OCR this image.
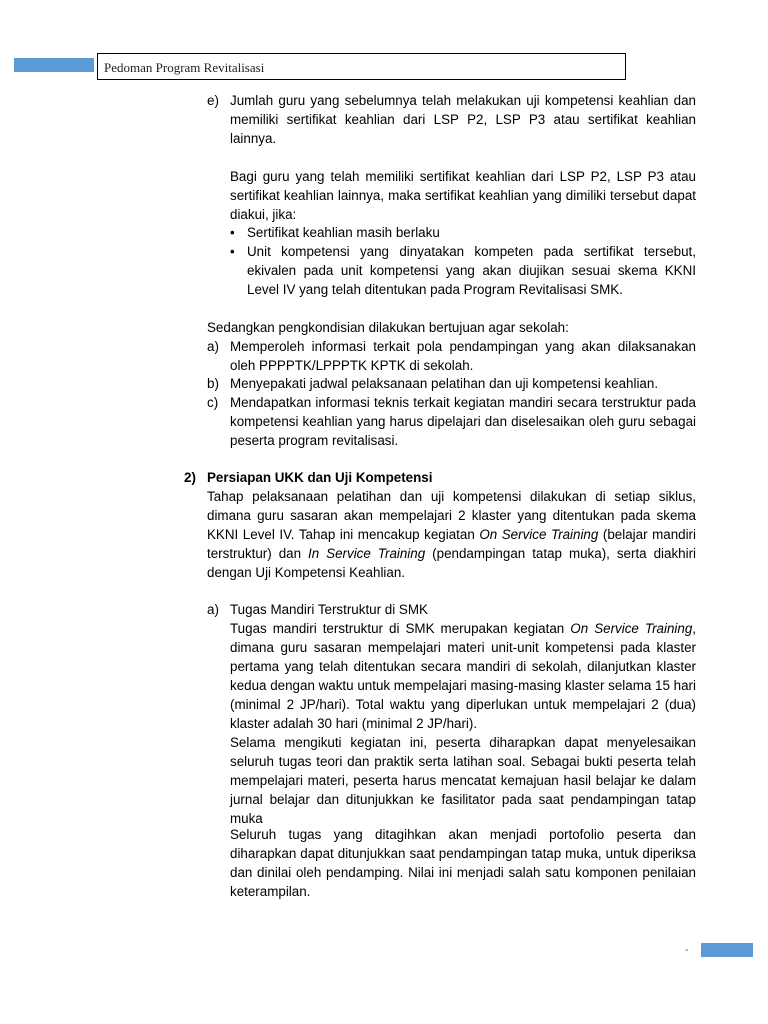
Pedoman Program Revitalisasi
e) Jumlah guru yang sebelumnya telah melakukan uji kompetensi keahlian dan memiliki sertifikat keahlian dari LSP P2, LSP P3 atau sertifikat keahlian lainnya.

Bagi guru yang telah memiliki sertifikat keahlian dari LSP P2, LSP P3 atau sertifikat keahlian lainnya, maka sertifikat keahlian yang dimiliki tersebut dapat diakui, jika:

• Sertifikat keahlian masih berlaku

• Unit kompetensi yang dinyatakan kompeten pada sertifikat tersebut, ekivalen pada unit kompetensi yang akan diujikan sesuai skema KKNI Level IV yang telah ditentukan pada Program Revitalisasi SMK.

Sedangkan pengkondisian dilakukan bertujuan agar sekolah:

a) Memperoleh informasi terkait pola pendampingan yang akan dilaksanakan oleh PPPPTK/LPPPTK KPTK di sekolah.

b) Menyepakati jadwal pelaksanaan pelatihan dan uji kompetensi keahlian.

c) Mendapatkan informasi teknis terkait kegiatan mandiri secara terstruktur pada kompetensi keahlian yang harus dipelajari dan diselesaikan oleh guru sebagai peserta program revitalisasi.

2) Persiapan UKK dan Uji Kompetensi

Tahap pelaksanaan pelatihan dan uji kompetensi dilakukan di setiap siklus, dimana guru sasaran akan mempelajari 2 klaster yang ditentukan pada skema KKNI Level IV. Tahap ini mencakup kegiatan On Service Training (belajar mandiri terstruktur) dan In Service Training (pendampingan tatap muka), serta diakhiri dengan Uji Kompetensi Keahlian.

a) Tugas Mandiri Terstruktur di SMK

Tugas mandiri terstruktur di SMK merupakan kegiatan On Service Training, dimana guru sasaran mempelajari materi unit-unit kompetensi pada klaster pertama yang telah ditentukan secara mandiri di sekolah, dilanjutkan klaster kedua dengan waktu untuk mempelajari masing-masing klaster selama 15 hari (minimal 2 JP/hari). Total waktu yang diperlukan untuk mempelajari 2 (dua) klaster adalah 30 hari (minimal 2 JP/hari).

Selama mengikuti kegiatan ini, peserta diharapkan dapat menyelesaikan seluruh tugas teori dan praktik serta latihan soal. Sebagai bukti peserta telah mempelajari materi, peserta harus mencatat kemajuan hasil belajar ke dalam jurnal belajar dan ditunjukkan ke fasilitator pada saat pendampingan tatap muka

Seluruh tugas yang ditagihkan akan menjadi portofolio peserta dan diharapkan dapat ditunjukkan saat pendampingan tatap muka, untuk diperiksa dan dinilai oleh pendamping. Nilai ini menjadi salah satu komponen penilaian keterampilan.

-
